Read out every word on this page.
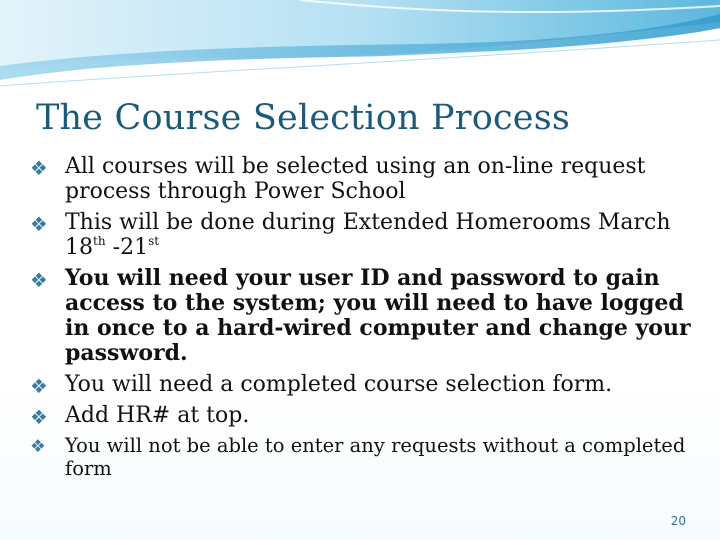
The Course Selection Process

❖ All courses will be selected using an on-line request process through Power School

❖ This will be done during Extended Homerooms March 18th -21st

❖ You will need your user ID and password to gain access to the system; you will need to have logged in once to a hard-wired computer and change your password.

❖ You will need a completed course selection form.

❖ Add HR# at top.

❖ You will not be able to enter any requests without a completed form

20
